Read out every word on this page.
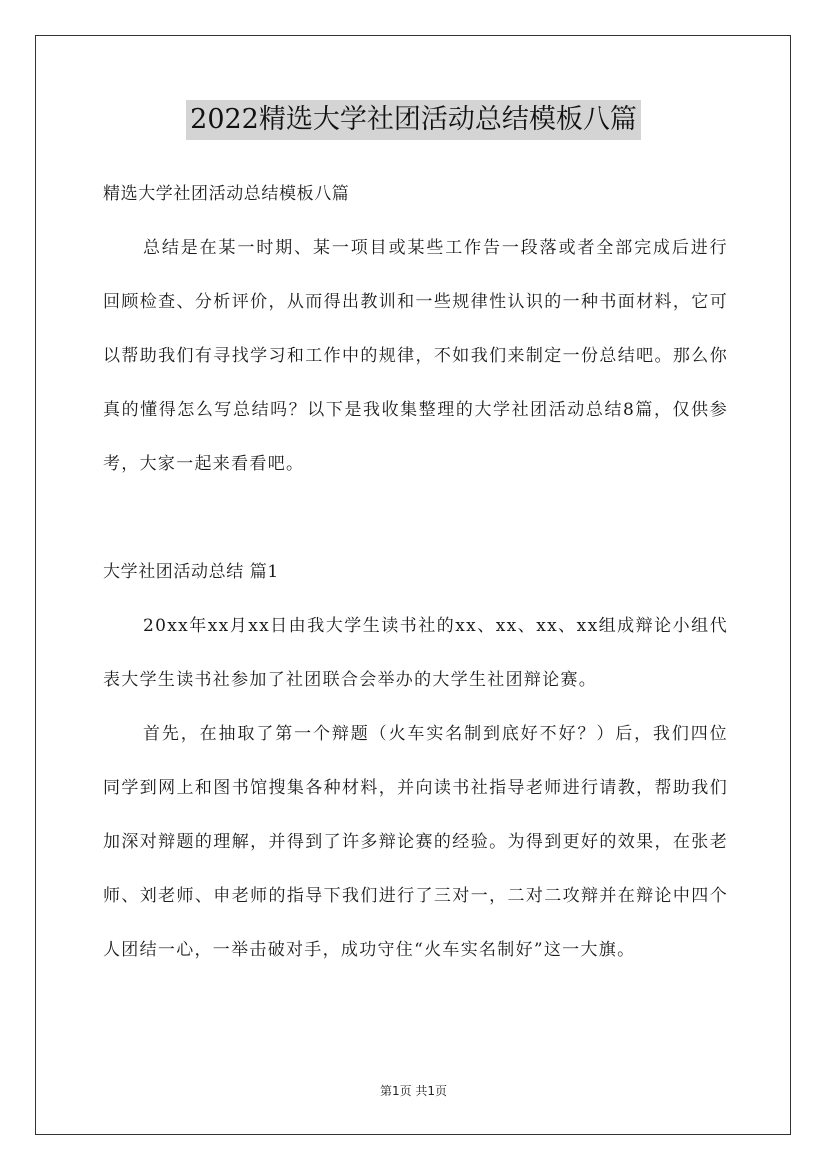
2022精选大学社团活动总结模板八篇
精选大学社团活动总结模板八篇
总结是在某一时期、某一项目或某些工作告一段落或者全部完成后进行回顾检查、分析评价，从而得出教训和一些规律性认识的一种书面材料，它可以帮助我们有寻找学习和工作中的规律，不如我们来制定一份总结吧。那么你真的懂得怎么写总结吗？以下是我收集整理的大学社团活动总结8篇，仅供参考，大家一起来看看吧。
大学社团活动总结 篇1
20xx年xx月xx日由我大学生读书社的xx、xx、xx、xx组成辩论小组代表大学生读书社参加了社团联合会举办的大学生社团辩论赛。
首先，在抽取了第一个辩题（火车实名制到底好不好？）后，我们四位同学到网上和图书馆搜集各种材料，并向读书社指导老师进行请教，帮助我们加深对辩题的理解，并得到了许多辩论赛的经验。为得到更好的效果，在张老师、刘老师、申老师的指导下我们进行了三对一，二对二攻辩并在辩论中四个人团结一心，一举击破对手，成功守住“火车实名制好”这一大旗。
第1页 共1页
